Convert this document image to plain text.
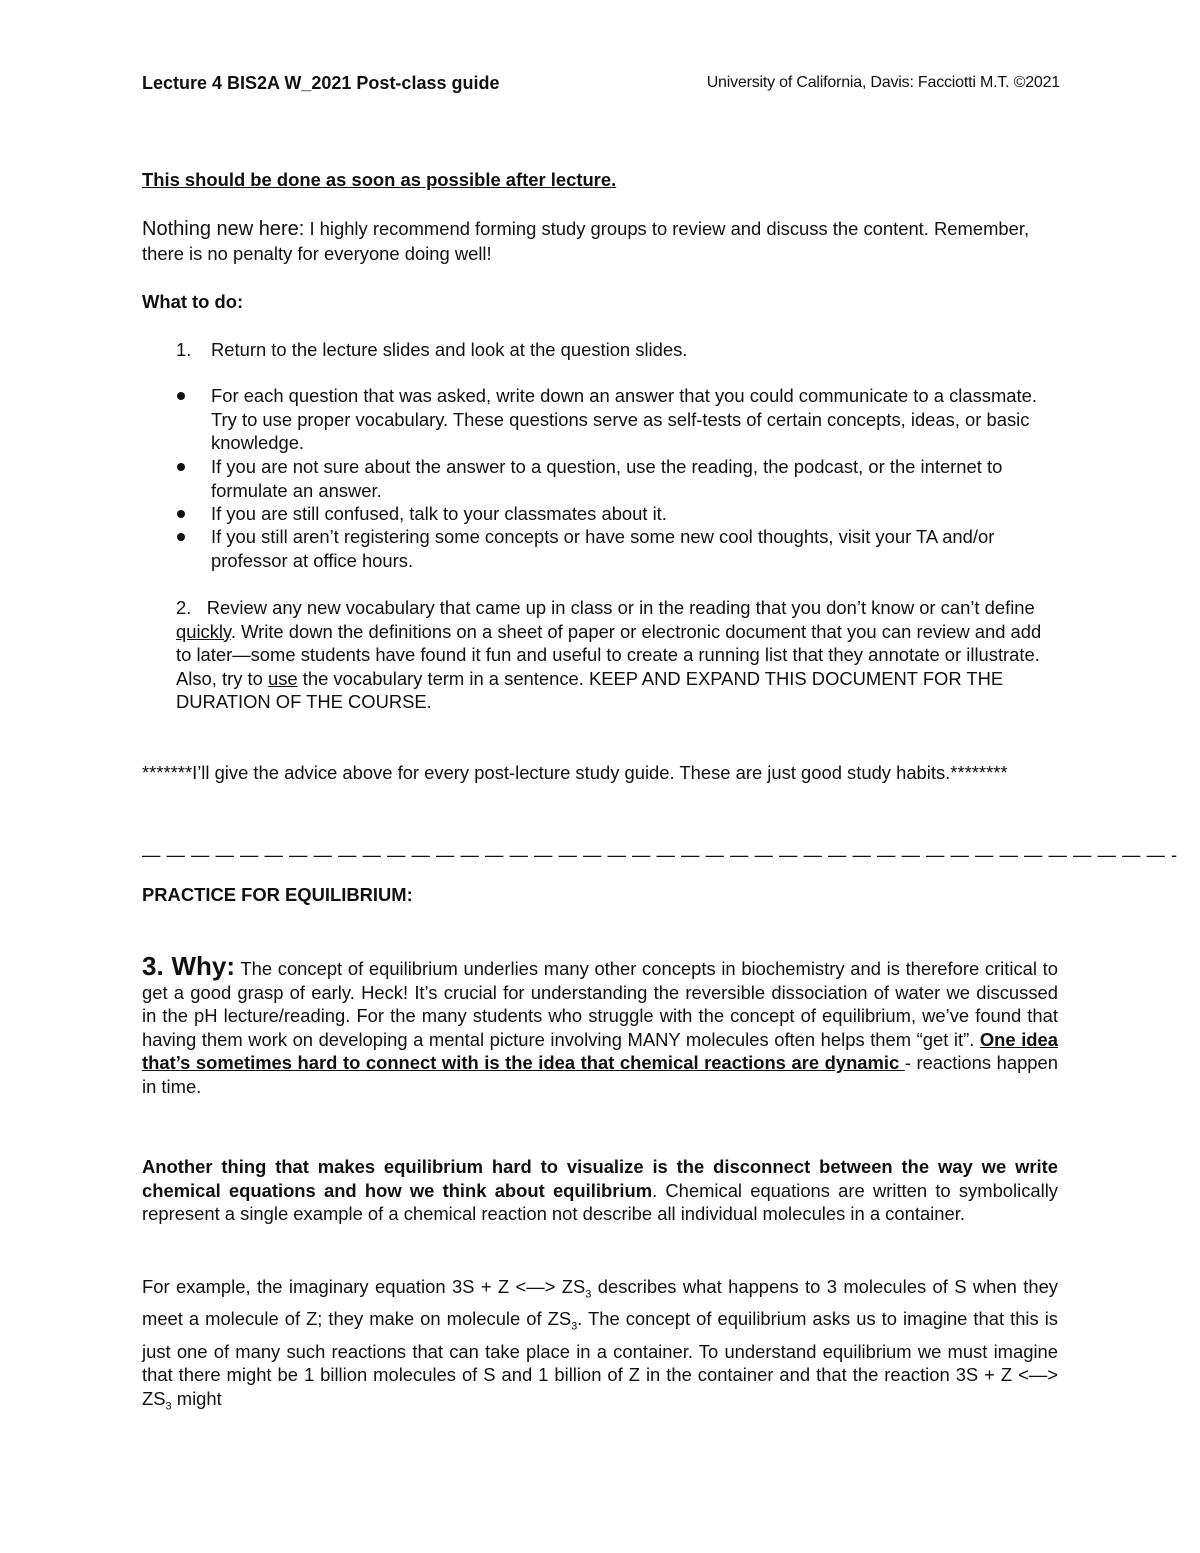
Lecture 4 BIS2A W_2021 Post-class guide	University of California, Davis: Facciotti M.T. ©2021
This should be done as soon as possible after lecture.
Nothing new here: I highly recommend forming study groups to review and discuss the content. Remember, there is no penalty for everyone doing well!
What to do:
1. Return to the lecture slides and look at the question slides.
For each question that was asked, write down an answer that you could communicate to a classmate. Try to use proper vocabulary. These questions serve as self-tests of certain concepts, ideas, or basic knowledge.
If you are not sure about the answer to a question, use the reading, the podcast, or the internet to formulate an answer.
If you are still confused, talk to your classmates about it.
If you still aren’t registering some concepts or have some new cool thoughts, visit your TA and/or professor at office hours.
2. Review any new vocabulary that came up in class or in the reading that you don’t know or can’t define quickly. Write down the definitions on a sheet of paper or electronic document that you can review and add to later—some students have found it fun and useful to create a running list that they annotate or illustrate. Also, try to use the vocabulary term in a sentence. KEEP AND EXPAND THIS DOCUMENT FOR THE DURATION OF THE COURSE.
*******I’ll give the advice above for every post-lecture study guide. These are just good study habits.********
— — — — — — — — — — — — — — — — — — — — — — — — — — — — — — — — — — — — — — — — — — -
PRACTICE FOR EQUILIBRIUM:
3. Why: The concept of equilibrium underlies many other concepts in biochemistry and is therefore critical to get a good grasp of early. Heck! It’s crucial for understanding the reversible dissociation of water we discussed in the pH lecture/reading. For the many students who struggle with the concept of equilibrium, we’ve found that having them work on developing a mental picture involving MANY molecules often helps them “get it”. One idea that’s sometimes hard to connect with is the idea that chemical reactions are dynamic - reactions happen in time.
Another thing that makes equilibrium hard to visualize is the disconnect between the way we write chemical equations and how we think about equilibrium. Chemical equations are written to symbolically represent a single example of a chemical reaction not describe all individual molecules in a container.
For example, the imaginary equation 3S + Z <—> $ZS_3$ describes what happens to 3 molecules of S when they meet a molecule of Z; they make on molecule of $ZS_3$. The concept of equilibrium asks us to imagine that this is just one of many such reactions that can take place in a container. To understand equilibrium we must imagine that there might be 1 billion molecules of S and 1 billion of Z in the container and that the reaction 3S + Z <—> $ZS_3$ might
